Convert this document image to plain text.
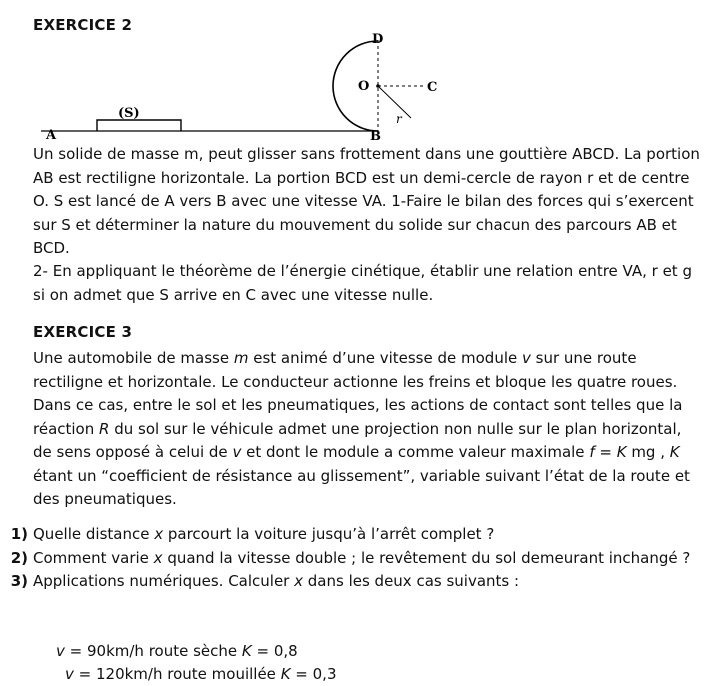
EXERCICE 2
A	B
C
D
O
r
(S)
Un solide de masse m, peut glisser sans frottement dans une gouttière ABCD. La portion AB est rectiligne horizontale. La portion BCD est un demi-cercle de rayon r et de centre O. S est lancé de A vers B avec une vitesse VA. 1-Faire le bilan des forces qui s’exercent sur S et déterminer la nature du mouvement du solide sur chacun des parcours AB et BCD.
2- En appliquant le théorème de l’énergie cinétique, établir une relation entre VA, r et g si on admet que S arrive en C avec une vitesse nulle.
EXERCICE 3
Une automobile de masse m est animé d’une vitesse de module v sur une route rectiligne et horizontale. Le conducteur actionne les freins et bloque les quatre roues. Dans ce cas, entre le sol et les pneumatiques, les actions de contact sont telles que la réaction R du sol sur le véhicule admet une projection non nulle sur le plan horizontal, de sens opposé à celui de v et dont le module a comme valeur maximale f = K mg , K étant un “coefficient de résistance au glissement”, variable suivant l’état de la route et des pneumatiques.
1) Quelle distance x parcourt la voiture jusqu’à l’arrêt complet ?
2) Comment varie x quand la vitesse double ; le revêtement du sol demeurant inchangé ?
3) Applications numériques. Calculer x dans les deux cas suivants :
v = 90km/h route sèche K = 0,8
v = 120km/h route mouillée K = 0,3
